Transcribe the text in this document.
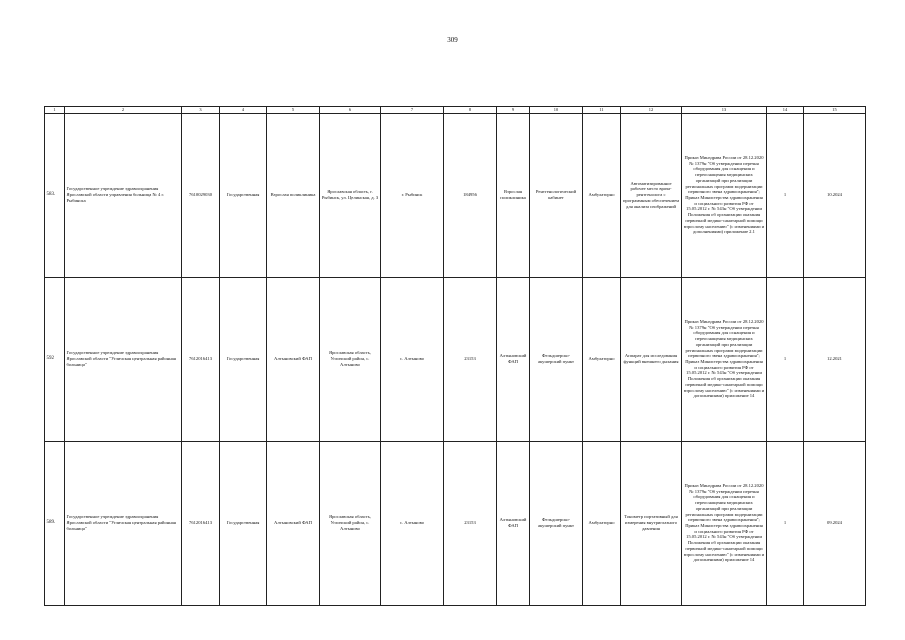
309
1	2	3	4	5	6	7	8	9	10	11	12	13	14	15
583.	Государственное учреждение здравоохранения Ярославской области управления больница № 4 г. Рыбинска	7610029030	Государственная	Взрослая поликлиника	Ярославская область, г. Рыбинск, ул. Целинская, д. 3	г. Рыбинск	184956	Взрослая поликлиника	Рентгенологический кабинет	Амбулаторно	Автоматизированное рабочее место врача-рентгенолога с программным обеспечением для анализа изображений	Приказ Минздрава России от 28.12.2020 № 1379н "Об утверждении перечня оборудования для оснащения и переоснащения медицинских организаций при реализации региональных программ модернизации первичного звена здравоохранения"; Приказ Министерства здравоохранения и социального развития РФ от 15.05.2012 г. № 543н "Об утверждении Положения об организации оказания первичной медико-санитарной помощи взрослому населению" (с изменениями и дополнениями) приложение 2.1	1	10.2024
592	Государственное учреждение здравоохранения Ярославской области "Угличская центральная районная больница"	7612016413	Государственная	Алтыновский ФАП	Ярославская область, Угличский район, с. Алтыново	с. Алтыново	23153	Алтыновский ФАП	Фельдшерско-акушерский пункт	Амбулаторно	Аппарат для исследования функций внешнего дыхания	Приказ Минздрава России от 28.12.2020 № 1379н "Об утверждении перечня оборудования для оснащения и переоснащения медицинских организаций при реализации региональных программ модернизации первичного звена здравоохранения"; Приказ Министерства здравоохранения и социального развития РФ от 15.05.2012 г. № 543н "Об утверждении Положения об организации оказания первичной медико-санитарной помощи взрослому населению" (с изменениями и дополнениями) приложение 14	1	12.2021
589.	Государственное учреждение здравоохранения Ярославской области "Угличская центральная районная больница"	7612016413	Государственная	Алтыновский ФАП	Ярославская область, Угличский район, с. Алтыново	с. Алтыново	23153	Алтыновский ФАП	Фельдшерско-акушерский пункт	Амбулаторно	Тонометр портативный для измерения внутриглазного давления	Приказ Минздрава России от 28.12.2020 № 1379н "Об утверждении перечня оборудования для оснащения и переоснащения медицинских организаций при реализации региональных программ модернизации первичного звена здравоохранения"; Приказ Министерства здравоохранения и социального развития РФ от 15.05.2012 г. № 543н "Об утверждении Положения об организации оказания первичной медико-санитарной помощи взрослому населению" (с изменениями и дополнениями) приложение 14	1	09.2024
